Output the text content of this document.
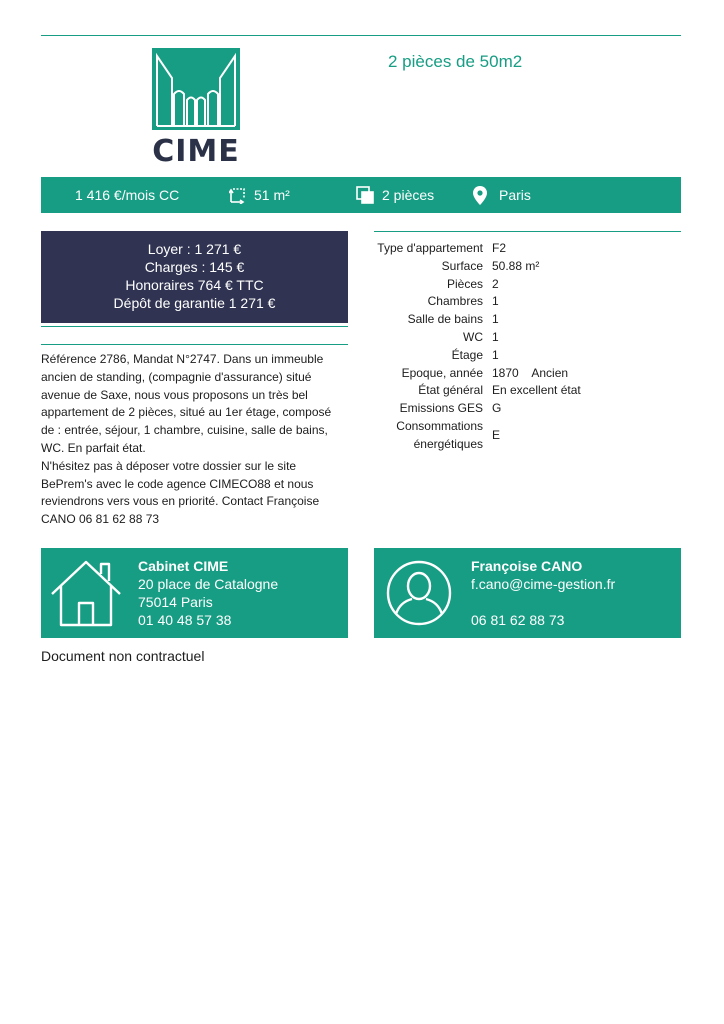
CIME
2 pièces de 50m2
1 416 €/mois CC	51 m²	2 pièces	Paris
Loyer : 1 271 €
Charges : 145 €
Honoraires 764 € TTC
Dépôt de garantie 1 271 €
Référence 2786, Mandat N°2747. Dans un immeuble
ancien de standing, (compagnie d'assurance) situé
avenue de Saxe, nous vous proposons un très bel
appartement de 2 pièces, situé au 1er étage, composé
de : entrée, séjour, 1 chambre, cuisine, salle de bains,
WC. En parfait état.
N'hésitez pas à déposer votre dossier sur le site
BePrem's avec le code agence CIMECO88 et nous
reviendrons vers vous en priorité. Contact Françoise
CANO 06 81 62 88 73
Type d'appartement F2
Surface 50.88 m²
Pièces 2
Chambres 1
Salle de bains 1
WC 1
Étage 1
Epoque, année 1870    Ancien
État général En excellent état
Emissions GES G
Consommations
énergétiques
E
Cabinet CIME
20 place de Catalogne
75014 Paris
01 40 48 57 38
Françoise CANO
f.cano@cime-gestion.fr
06 81 62 88 73
Document non contractuel
